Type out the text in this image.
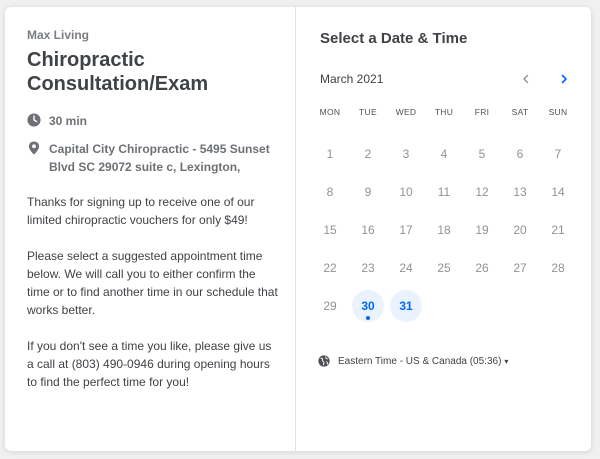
Max Living
Chiropractic Consultation/Exam
30 min
Capital City Chiropractic - 5495 Sunset Blvd SC 29072 suite c, Lexington,

Thanks for signing up to receive one of our limited chiropractic vouchers for only $49!

Please select a suggested appointment time below. We will call you to either confirm the time or to find another time in our schedule that works better.

If you don't see a time you like, please give us a call at (803) 490-0946 during opening hours to find the perfect time for you!

Select a Date & Time
March 2021
MON	TUE	WED	THU	FRI	SAT	SUN
1	2	3	4	5	6	7
8	9 10 11 12 13 14
15 16 17 18 19 20 21
22 23 24 25 26 27 28
29 30 31
Eastern Time - US & Canada (05:36) ▾
